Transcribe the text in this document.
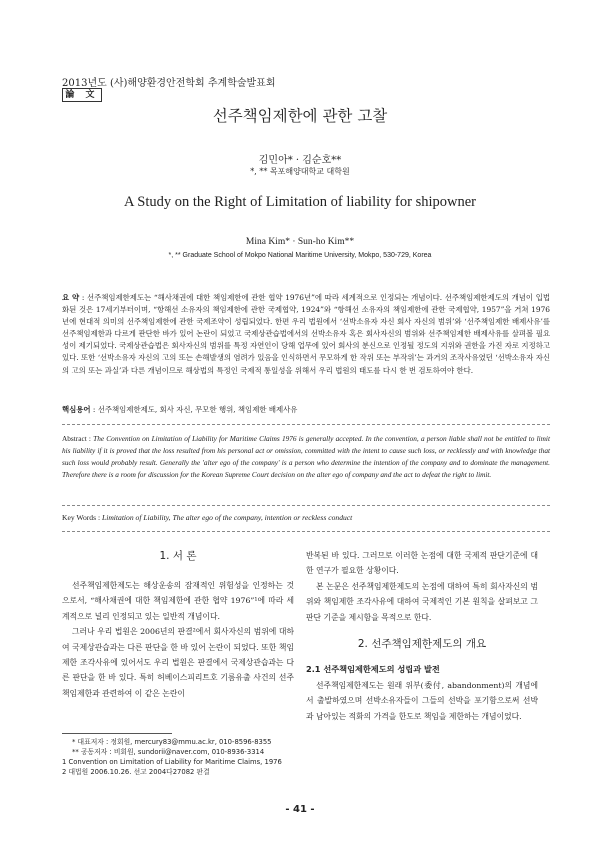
2013년도 (사)해양환경안전학회 추계학술발표회
論 文
선주책임제한에 관한 고찰
김민아* · 김순호**
*, ** 목포해양대학교 대학원
A Study on the Right of Limitation of liability for shipowner
Mina Kim* · Sun-ho Kim**
*, ** Graduate School of Mokpo National Maritime University, Mokpo, 530-729, Korea
요 약 : 선주책임제한제도는 “해사채권에 대한 책임제한에 관한 협약 1976년”에 따라 세계적으로 인정되는 개념이다. 선주책임제한제도의 개념이 입법화된 것은 17세기부터이며, “항해선 소유자의 책임제한에 관한 국제협약, 1924”와 “항해선 소유자의 책임제한에 관한 국제협약, 1957”을 거쳐 1976년에 현대적 의미의 선주책임제한에 관한 국제조약이 성립되었다. 한편 우리 법원에서 ‘선박소유자 자신 회사 자신의 범위’와 ‘선주책임제한 배제사유’를 선주책임제한과 다르게 판단한 바가 있어 논란이 되었고 국제상관습법에서의 선박소유자 혹은 회사자신의 범위와 선주책임제한 배제사유를 살펴볼 필요성이 제기되었다. 국제상관습법은 회사자신의 범위를 특정 자연인이 당해 업무에 있어 회사의 분신으로 인정될 정도의 지위와 권한을 가진 자로 지정하고 있다. 또한 ‘선박소유자 자신의 고의 또는 손해발생의 염려가 있음을 인식하면서 무모하게 한 작위 또는 부작위’는 과거의 조작사유였던 ‘선박소유자 자신의 고의 또는 과실’과 다른 개념이므로 해상법의 특정인 국제적 통일성을 위해서 우리 법원의 태도를 다시 한 번 검토하여야 한다.
핵심용어 : 선주책임제한제도, 회사 자신, 무모한 행위, 책임제한 배제사유
Abstract : The Convention on Limitation of Liability for Maritime Claims 1976 is generally accepted. In the convention, a person liable shall not be entitled to limit his liability if it is proved that the loss resulted from his personal act or omission, committed with the intent to cause such loss, or recklessly and with knowledge that such loss would probably result. Generally the 'alter ego of the company' is a person who determine the intention of the company and to dominate the management. Therefore there is a room for discussion for the Korean Supreme Court decision on the alter ego of company and the act to defeat the right to limit.
Key Words : Limitation of Liability, The alter ego of the company, intention or reckless conduct
1. 서 론

선주책임제한제도는 해상운송의 잠재적인 위험성을 인정하는 것으로서, “해사채권에 대한 책임제한에 관한 협약 1976”¹에 따라 세계적으로 널리 인정되고 있는 일반적 개념이다.

그러나 우리 법원은 2006년의 판결²에서 회사자신의 범위에 대하여 국제상관습과는 다른 판단을 한 바 있어 논란이 되었다. 또한 책임제한 조각사유에 있어서도 우리 법원은 판결에서 국제상관습과는 다른 판단을 한 바 있다. 특히 허베이스피리트호 기름유출 사건의 선주책임제한과 관련하여 이 같은 논란이

* 대표저자 : 정회원, mercury83@mmu.ac.kr, 010-8596-8355
** 공동저자 : 비회원, sundorii@naver.com, 010-8936-3314
1 Convention on Limitation of Liability for Maritime Claims, 1976
2 대법원 2006.10.26. 선고 2004다27082 판결

반복된 바 있다. 그러므로 이러한 논점에 대한 국제적 판단기준에 대한 연구가 필요한 상황이다.

본 논문은 선주책임제한제도의 논점에 대하여 특히 회사자신의 범위와 책임제한 조각사유에 대하여 국제적인 기본 원칙을 살펴보고 그 판단 기준을 제시함을 목적으로 한다.

2. 선주책임제한제도의 개요
2.1 선주책임제한제도의 성립과 발전

선주책임제한제도는 원래 위부(委付, abandonment)의 개념에서 출발하였으며 선박소유자들이 그들의 선박을 포기함으로써 선박과 남아있는 적화의 가격을 한도로 책임을 제한하는 개념이었다.

- 41 -
